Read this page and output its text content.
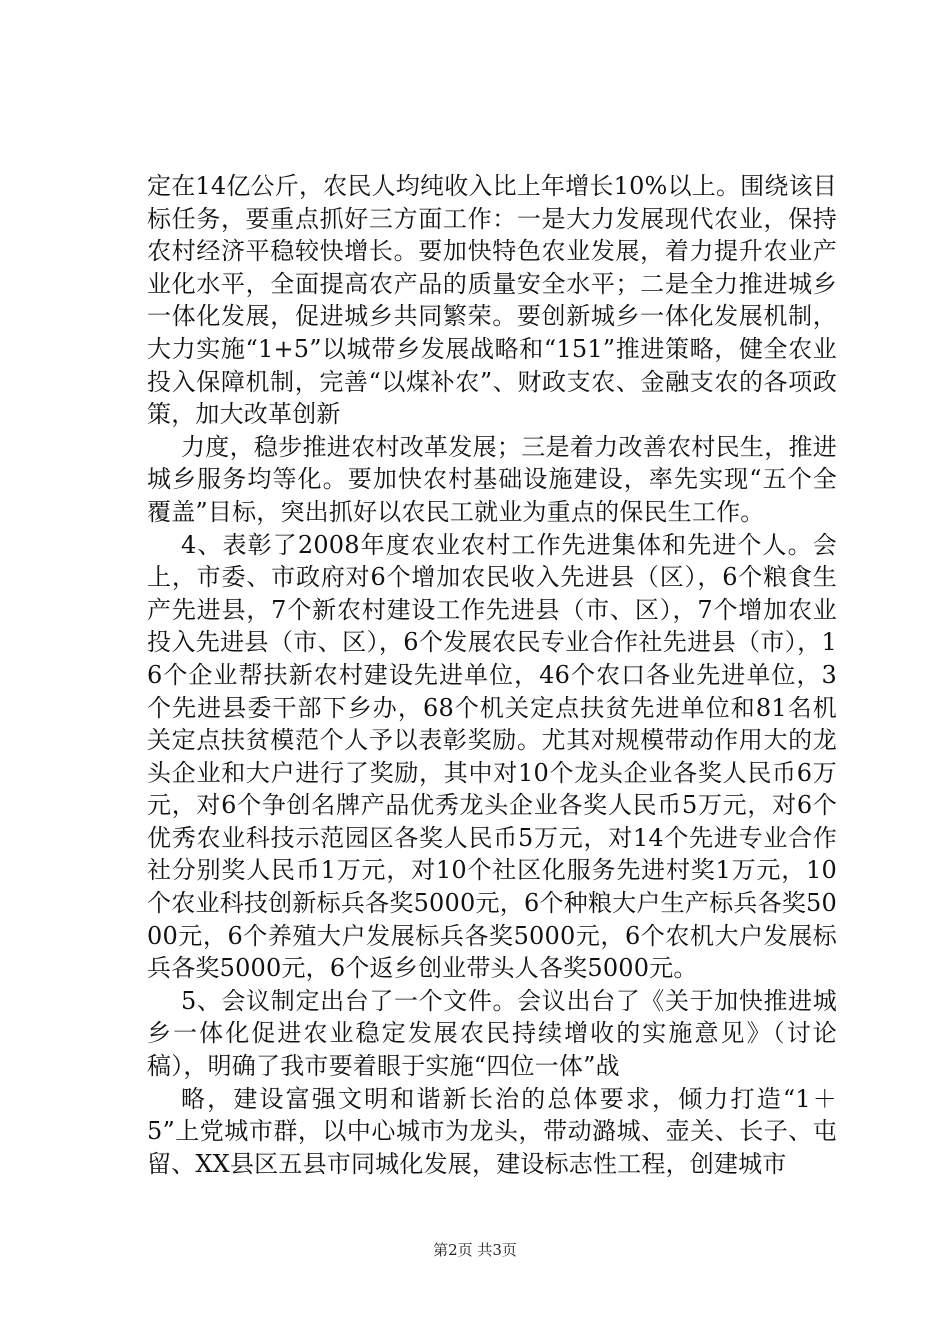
定在14亿公斤，农民人均纯收入比上年增长10%以上。围绕该目标任务，要重点抓好三方面工作：一是大力发展现代农业，保持农村经济平稳较快增长。要加快特色农业发展，着力提升农业产业化水平，全面提高农产品的质量安全水平；二是全力推进城乡一体化发展，促进城乡共同繁荣。要创新城乡一体化发展机制，大力实施“1+5”以城带乡发展战略和“151”推进策略，健全农业投入保障机制，完善“以煤补农”、财政支农、金融支农的各项政策，加大改革创新

力度，稳步推进农村改革发展；三是着力改善农村民生，推进城乡服务均等化。要加快农村基础设施建设，率先实现“五个全覆盖”目标，突出抓好以农民工就业为重点的保民生工作。

4、表彰了2008年度农业农村工作先进集体和先进个人。会上，市委、市政府对6个增加农民收入先进县（区），6个粮食生产先进县，7个新农村建设工作先进县（市、区），7个增加农业投入先进县（市、区），6个发展农民专业合作社先进县（市），16个企业帮扶新农村建设先进单位，46个农口各业先进单位，3个先进县委干部下乡办，68个机关定点扶贫先进单位和81名机关定点扶贫模范个人予以表彰奖励。尤其对规模带动作用大的龙头企业和大户进行了奖励，其中对10个龙头企业各奖人民币6万元，对6个争创名牌产品优秀龙头企业各奖人民币5万元，对6个优秀农业科技示范园区各奖人民币5万元，对14个先进专业合作社分别奖人民币1万元，对10个社区化服务先进村奖1万元，10个农业科技创新标兵各奖5000元，6个种粮大户生产标兵各奖5000元，6个养殖大户发展标兵各奖5000元，6个农机大户发展标兵各奖5000元，6个返乡创业带头人各奖5000元。

5、会议制定出台了一个文件。会议出台了《关于加快推进城乡一体化促进农业稳定发展农民持续增收的实施意见》（讨论稿），明确了我市要着眼于实施“四位一体”战

略，建设富强文明和谐新长治的总体要求，倾力打造“1＋5”上党城市群，以中心城市为龙头，带动潞城、壶关、长子、屯留、XX县区五县市同城化发展，建设标志性工程，创建城市

第2页 共3页
